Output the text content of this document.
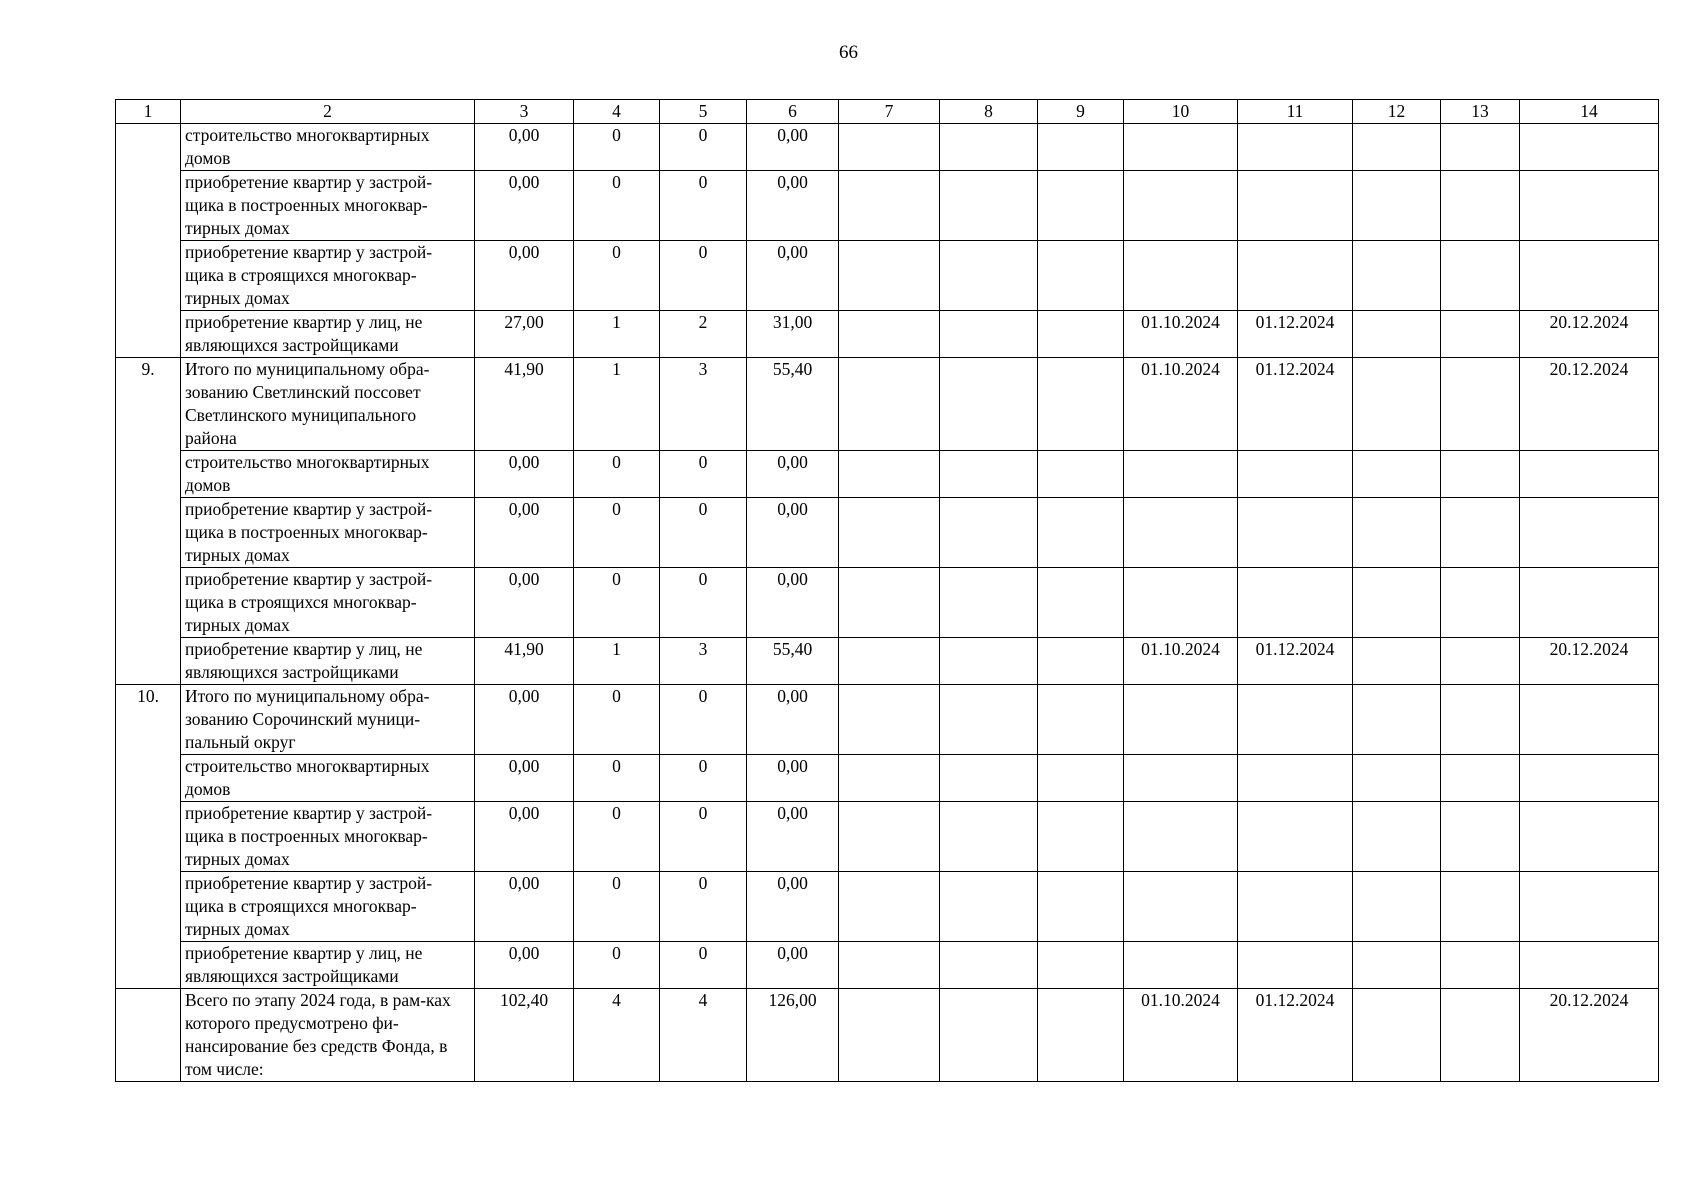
66
1	2	3	4	5	6	7	8	9	10	11	12	13	14
	строительство многоквартирных домов	0,00	0	0	0,00								
	приобретение квартир у застрой-щика в построенных многоквар-тирных домах	0,00	0	0	0,00								
	приобретение квартир у застрой-щика в строящихся многоквар-тирных домах	0,00	0	0	0,00								
	приобретение квартир у лиц, не являющихся застройщиками	27,00	1	2	31,00				01.10.2024	01.12.2024			20.12.2024
9.	Итого по муниципальному обра-зованию Светлинский поссовет Светлинского муниципального района	41,90	1	3	55,40				01.10.2024	01.12.2024			20.12.2024
	строительство многоквартирных домов	0,00	0	0	0,00								
	приобретение квартир у застрой-щика в построенных многоквар-тирных домах	0,00	0	0	0,00								
	приобретение квартир у застрой-щика в строящихся многоквар-тирных домах	0,00	0	0	0,00								
	приобретение квартир у лиц, не являющихся застройщиками	41,90	1	3	55,40				01.10.2024	01.12.2024			20.12.2024
10.	Итого по муниципальному обра-зованию Сорочинский муници-пальный округ	0,00	0	0	0,00								
	строительство многоквартирных домов	0,00	0	0	0,00								
	приобретение квартир у застрой-щика в построенных многоквар-тирных домах	0,00	0	0	0,00								
	приобретение квартир у застрой-щика в строящихся многоквар-тирных домах	0,00	0	0	0,00								
	приобретение квартир у лиц, не являющихся застройщиками	0,00	0	0	0,00								
	Всего по этапу 2024 года, в рам-ках которого предусмотрено фи-нансирование без средств Фонда, в том числе:	102,40	4	4	126,00				01.10.2024	01.12.2024			20.12.2024
